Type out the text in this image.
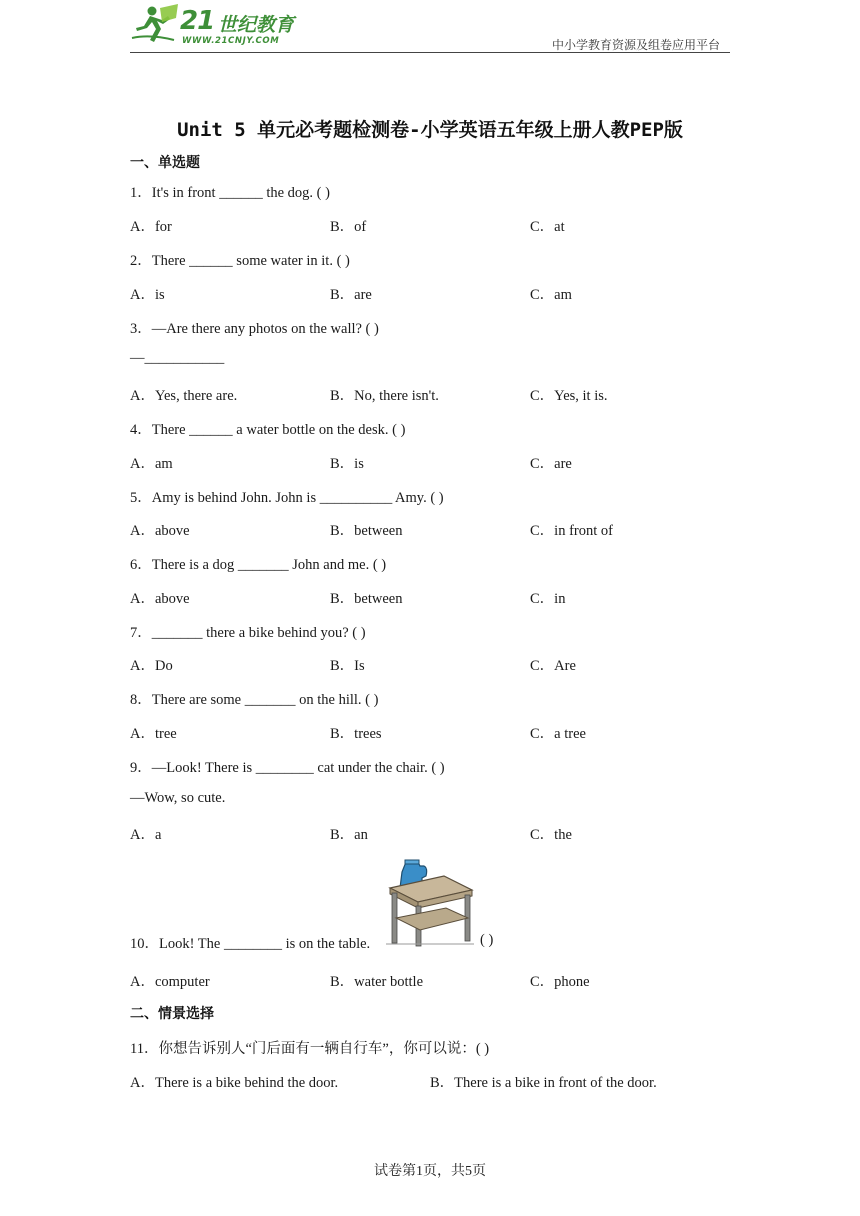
21 世纪教育
WWW.21CNJY.COM	中小学教育资源及组卷应用平台
Unit 5 单元必考题检测卷-小学英语五年级上册人教PEP版
一、单选题
1．It's in front ______ the dog. ( )
A．for	B．of	C．at
2．There ______ some water in it. ( )
A．is	B．are	C．am
3．—Are there any photos on the wall? ( )
—___________
A．Yes, there are.	B．No, there isn't.	C．Yes, it is.
4．There ______ a water bottle on the desk. ( )
A．am	B．is	C．are
5．Amy is behind John. John is __________ Amy. ( )
A．above	B．between	C．in front of
6．There is a dog _______ John and me. ( )
A．above	B．between	C．in
7．_______ there a bike behind you? ( )
A．Do	B．Is	C．Are
8．There are some _______ on the hill. ( )
A．tree	B．trees	C．a tree
9．—Look! There is ________ cat under the chair. ( )
—Wow, so cute.
A．a	B．an	C．the
10．Look! The ________ is on the table.	( )
A．computer	B．water bottle	C．phone
二、情景选择
11．你想告诉别人“门后面有一辆自行车”，你可以说：( )
A．There is a bike behind the door.	B．There is a bike in front of the door.
试卷第1页，共5页
